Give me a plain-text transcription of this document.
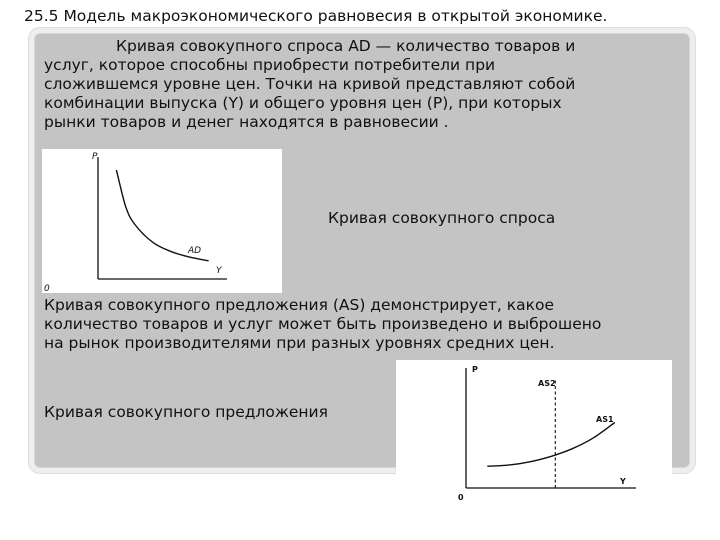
25.5 Модель макроэкономического равновесия в открытой экономике.
Кривая совокупного спроса AD — количество товаров и
услуг, которое способны приобрести потребители при
сложившемся уровне цен. Точки на кривой представляют собой
комбинации выпуска (Y) и общего уровня цен (P), при которых
рынки товаров и денег находятся в равновесии .
P
Y
0
AD
Кривая совокупного спроса
Кривая совокупного предложения (AS) демонстрирует, какое
количество товаров и услуг может быть произведено и выброшено
на рынок производителями при разных уровнях средних цен.
Кривая совокупного предложения
P
Y
0
AS2
AS1
